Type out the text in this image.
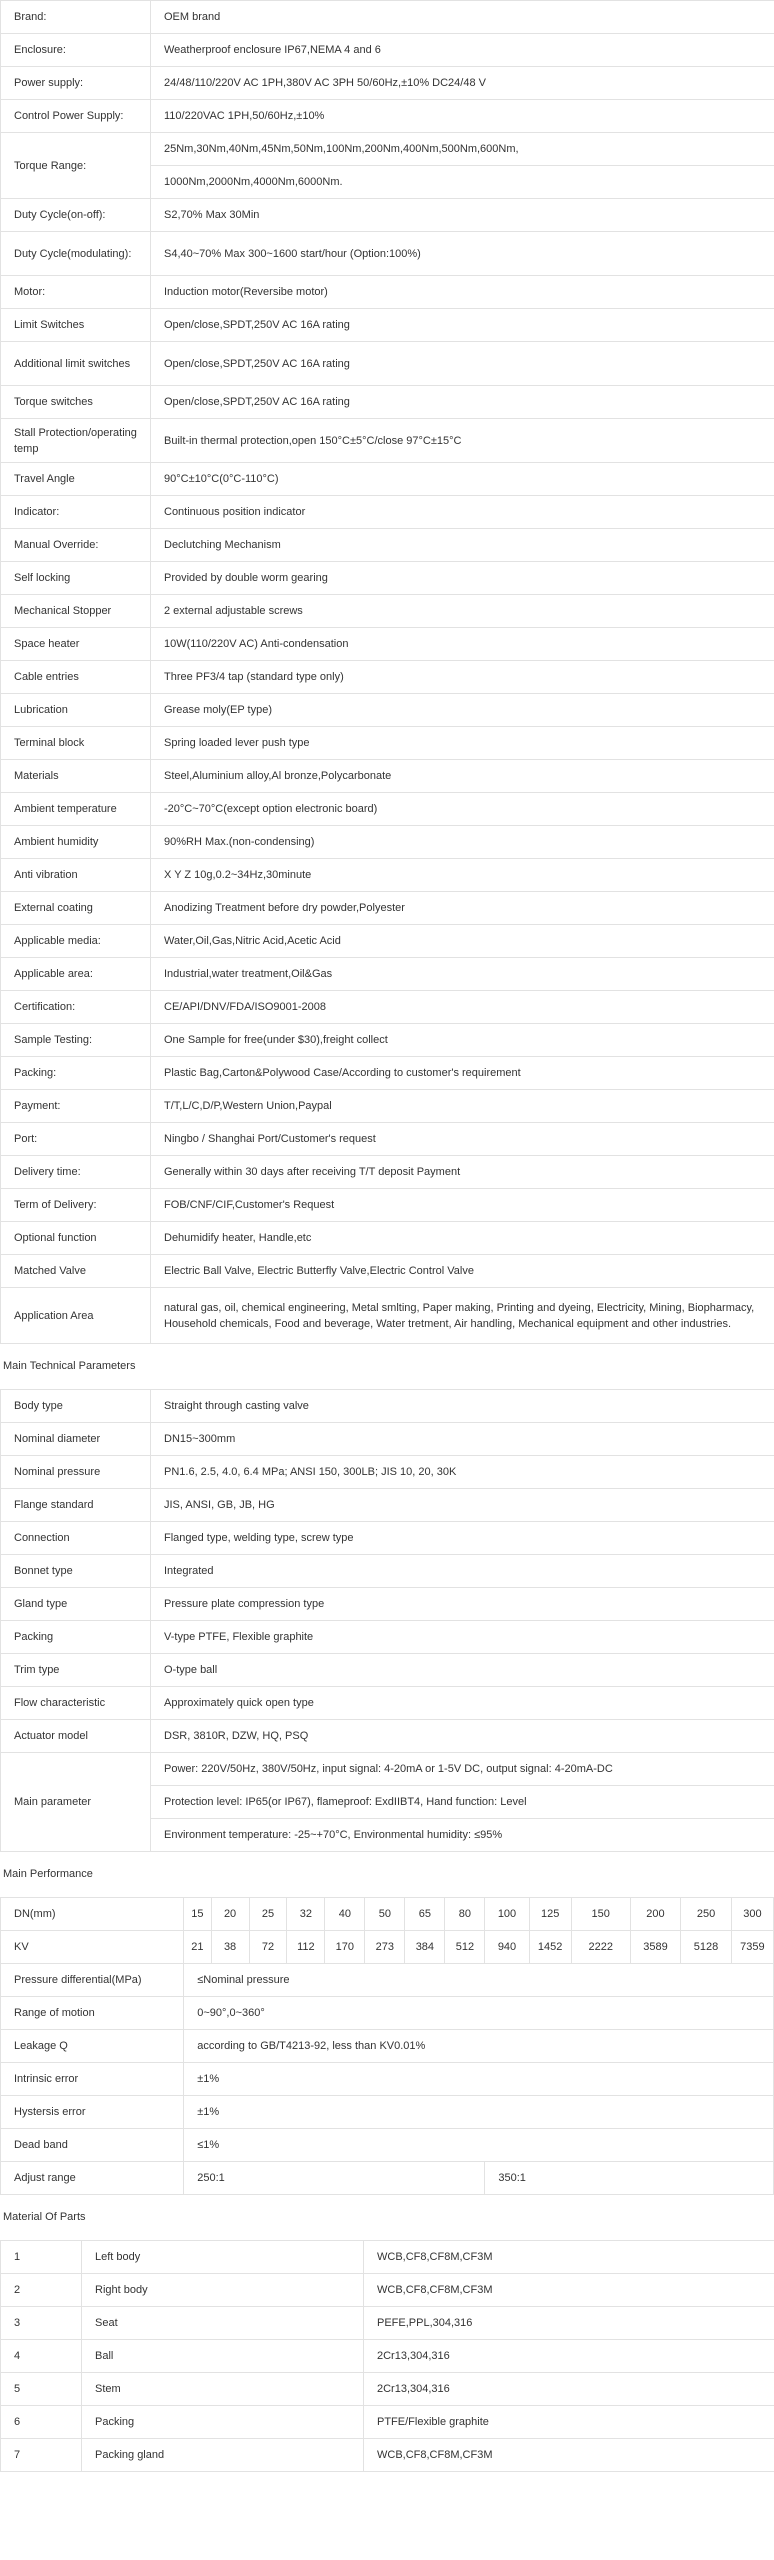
Brand:	OEM brand
Enclosure:	Weatherproof enclosure IP67,NEMA 4 and 6
Power supply:	24/48/110/220V AC 1PH,380V AC 3PH 50/60Hz,±10% DC24/48 V
Control Power Supply:	110/220VAC 1PH,50/60Hz,±10%
Torque Range:	25Nm,30Nm,40Nm,45Nm,50Nm,100Nm,200Nm,400Nm,500Nm,600Nm,
	1000Nm,2000Nm,4000Nm,6000Nm.
Duty Cycle(on-off):	S2,70% Max 30Min
Duty Cycle(modulating):	S4,40~70% Max 300~1600 start/hour (Option:100%)
Motor:	Induction motor(Reversibe motor)
Limit Switches	Open/close,SPDT,250V AC 16A rating
Additional limit switches	Open/close,SPDT,250V AC 16A rating
Torque switches	Open/close,SPDT,250V AC 16A rating
Stall Protection/operating temp	Built-in thermal protection,open 150°C±5°C/close 97°C±15°C
Travel Angle	90°C±10°C(0°C-110°C)
Indicator:	Continuous position indicator
Manual Override:	Declutching Mechanism
Self locking	Provided by double worm gearing
Mechanical Stopper	2 external adjustable screws
Space heater	10W(110/220V AC) Anti-condensation
Cable entries	Three PF3/4 tap (standard type only)
Lubrication	Grease moly(EP type)
Terminal block	Spring loaded lever push type
Materials	Steel,Aluminium alloy,Al bronze,Polycarbonate
Ambient temperature	-20°C~70°C(except option electronic board)
Ambient humidity	90%RH Max.(non-condensing)
Anti vibration	X Y Z 10g,0.2~34Hz,30minute
External coating	Anodizing Treatment before dry powder,Polyester
Applicable media:	Water,Oil,Gas,Nitric Acid,Acetic Acid
Applicable area:	Industrial,water treatment,Oil&Gas
Certification:	CE/API/DNV/FDA/ISO9001-2008
Sample Testing:	One Sample for free(under $30),freight collect
Packing:	Plastic Bag,Carton&Polywood Case/According to customer's requirement
Payment:	T/T,L/C,D/P,Western Union,Paypal
Port:	Ningbo / Shanghai Port/Customer's request
Delivery time:	Generally within 30 days after receiving T/T deposit Payment
Term of Delivery:	FOB/CNF/CIF,Customer's Request
Optional function	Dehumidify heater, Handle,etc
Matched Valve	Electric Ball Valve, Electric Butterfly Valve,Electric Control Valve
Application Area	natural gas, oil, chemical engineering, Metal smlting, Paper making, Printing and dyeing, Electricity, Mining, Biopharmacy, Household chemicals, Food and beverage, Water tretment, Air handling, Mechanical equipment and other industries.
Main Technical Parameters
Body type	Straight through casting valve
Nominal diameter	DN15~300mm
Nominal pressure	PN1.6, 2.5, 4.0, 6.4 MPa; ANSI 150, 300LB; JIS 10, 20, 30K
Flange standard	JIS, ANSI, GB, JB, HG
Connection	Flanged type, welding type, screw type
Bonnet type	Integrated
Gland type	Pressure plate compression type
Packing	V-type PTFE, Flexible graphite
Trim type	O-type ball
Flow characteristic	Approximately quick open type
Actuator model	DSR, 3810R, DZW, HQ, PSQ
Main parameter	Power: 220V/50Hz, 380V/50Hz, input signal: 4-20mA or 1-5V DC, output signal: 4-20mA-DC
	Protection level: IP65(or IP67), flameproof: ExdIIBT4, Hand function: Level
	Environment temperature: -25~+70°C, Environmental humidity: ≤95%
Main Performance
DN(mm)	15	20	25	32	40	50	65	80	100	125	150	200	250	300
KV	21	38	72	112	170	273	384	512	940	1452	2222	3589	5128	7359
Pressure differential(MPa)	≤Nominal pressure													
Range of motion	0~90°,0~360°													
Leakage Q	according to GB/T4213-92, less than KV0.01%													
Intrinsic error	±1%													
Hystersis error	±1%													
Dead band	≤1%													
Adjust range	250:1								350:1					
Material Of Parts
1	Left body	WCB,CF8,CF8M,CF3M
2	Right body	WCB,CF8,CF8M,CF3M
3	Seat	PEFE,PPL,304,316
4	Ball	2Cr13,304,316
5	Stem	2Cr13,304,316
6	Packing	PTFE/Flexible graphite
7	Packing gland	WCB,CF8,CF8M,CF3M
